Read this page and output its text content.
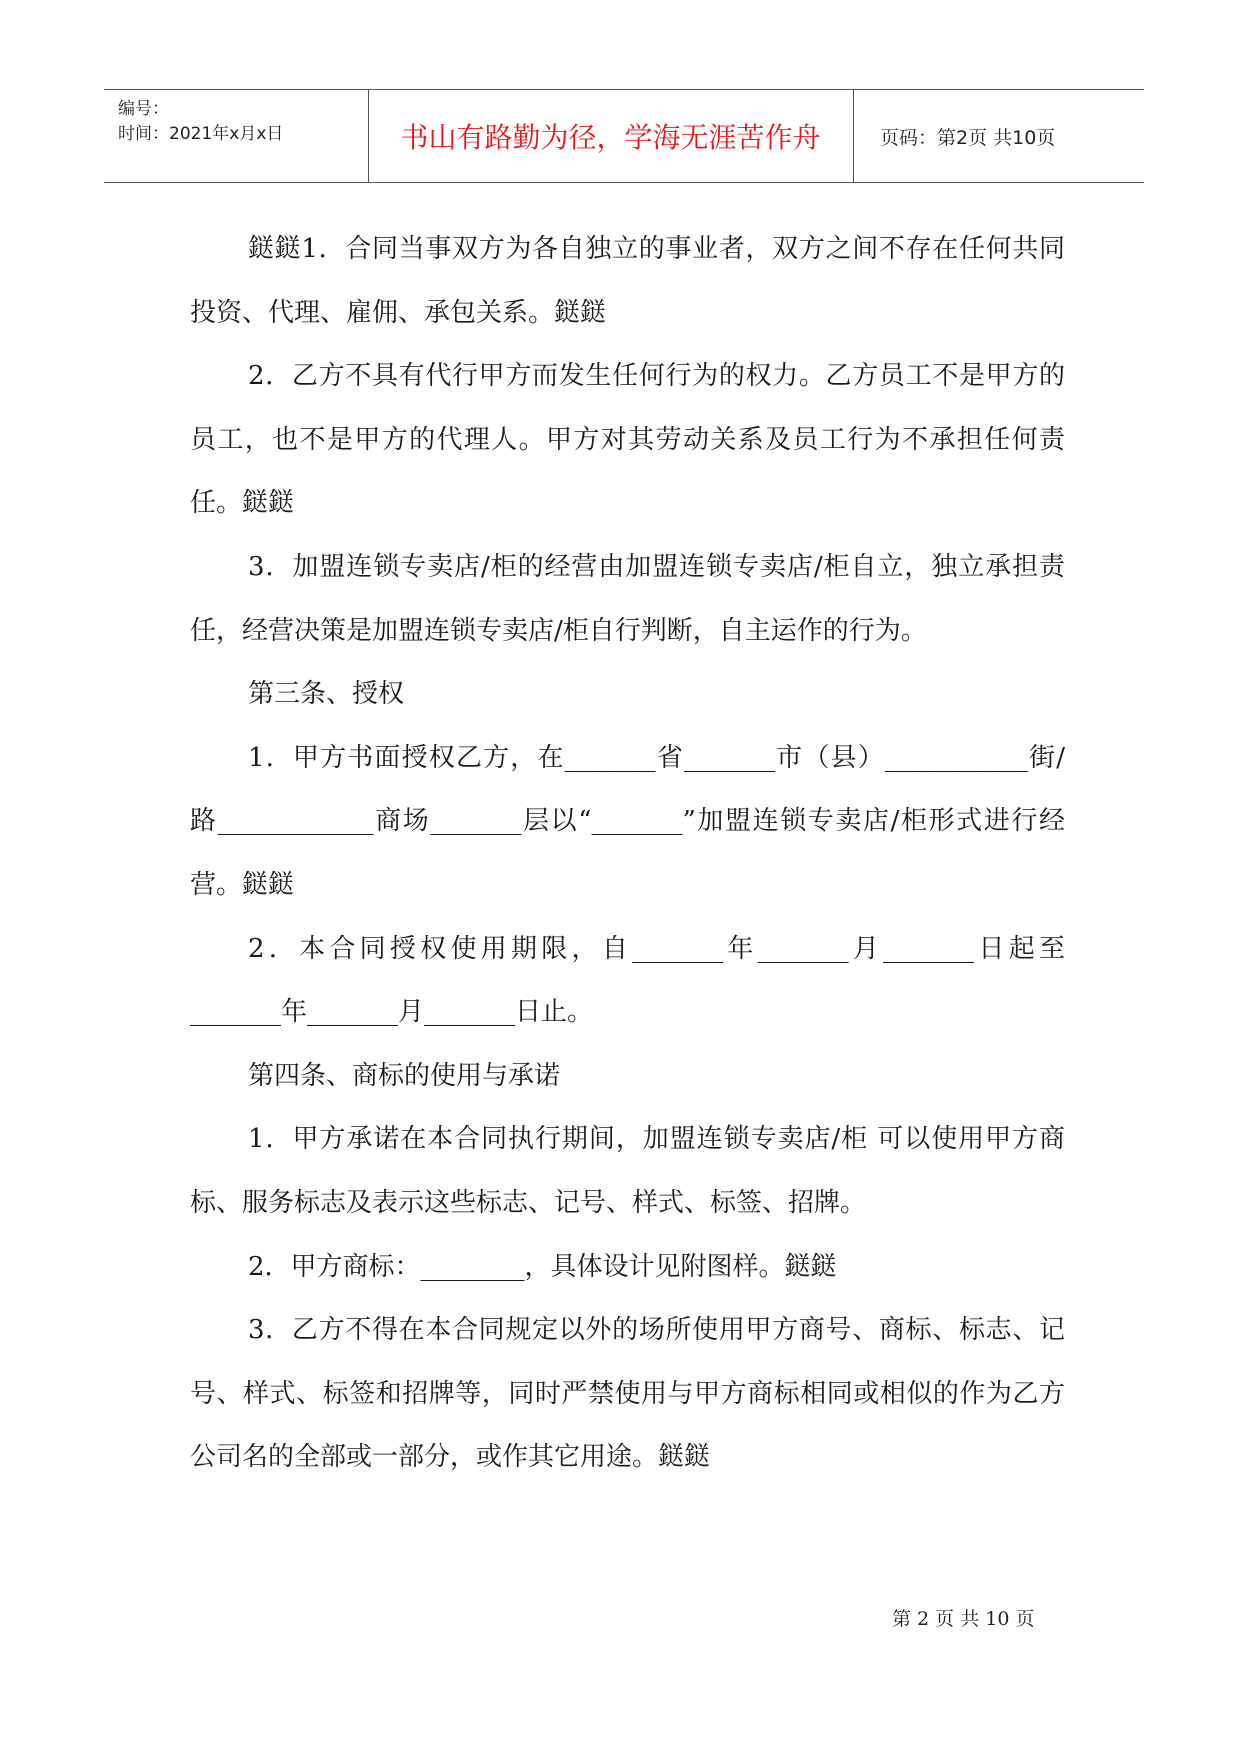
编号：
时间：2021年x月x日	书山有路勤为径，学海无涯苦作舟	页码：第2页 共10页

鎹鎹1．合同当事双方为各自独立的事业者，双方之间不存在任何共同投资、代理、雇佣、承包关系。鎹鎹

2．乙方不具有代行甲方而发生任何行为的权力。乙方员工不是甲方的员工，也不是甲方的代理人。甲方对其劳动关系及员工行为不承担任何责任。鎹鎹

3．加盟连锁专卖店/柜的经营由加盟连锁专卖店/柜自立，独立承担责任，经营决策是加盟连锁专卖店/柜自行判断，自主运作的行为。

第三条、授权

1．甲方书面授权乙方，在_______省_______市（县）___________街/路____________商场_______层以“_______”加盟连锁专卖店/柜形式进行经营。鎹鎹

2．本合同授权使用期限，自_______年_______月_______日起至_______年_______月_______日止。

第四条、商标的使用与承诺

1．甲方承诺在本合同执行期间，加盟连锁专卖店/柜 可以使用甲方商标、服务标志及表示这些标志、记号、样式、标签、招牌。

2．甲方商标：________，具体设计见附图样。鎹鎹

3．乙方不得在本合同规定以外的场所使用甲方商号、商标、标志、记号、样式、标签和招牌等，同时严禁使用与甲方商标相同或相似的作为乙方公司名的全部或一部分，或作其它用途。鎹鎹

第 2 页 共 10 页
